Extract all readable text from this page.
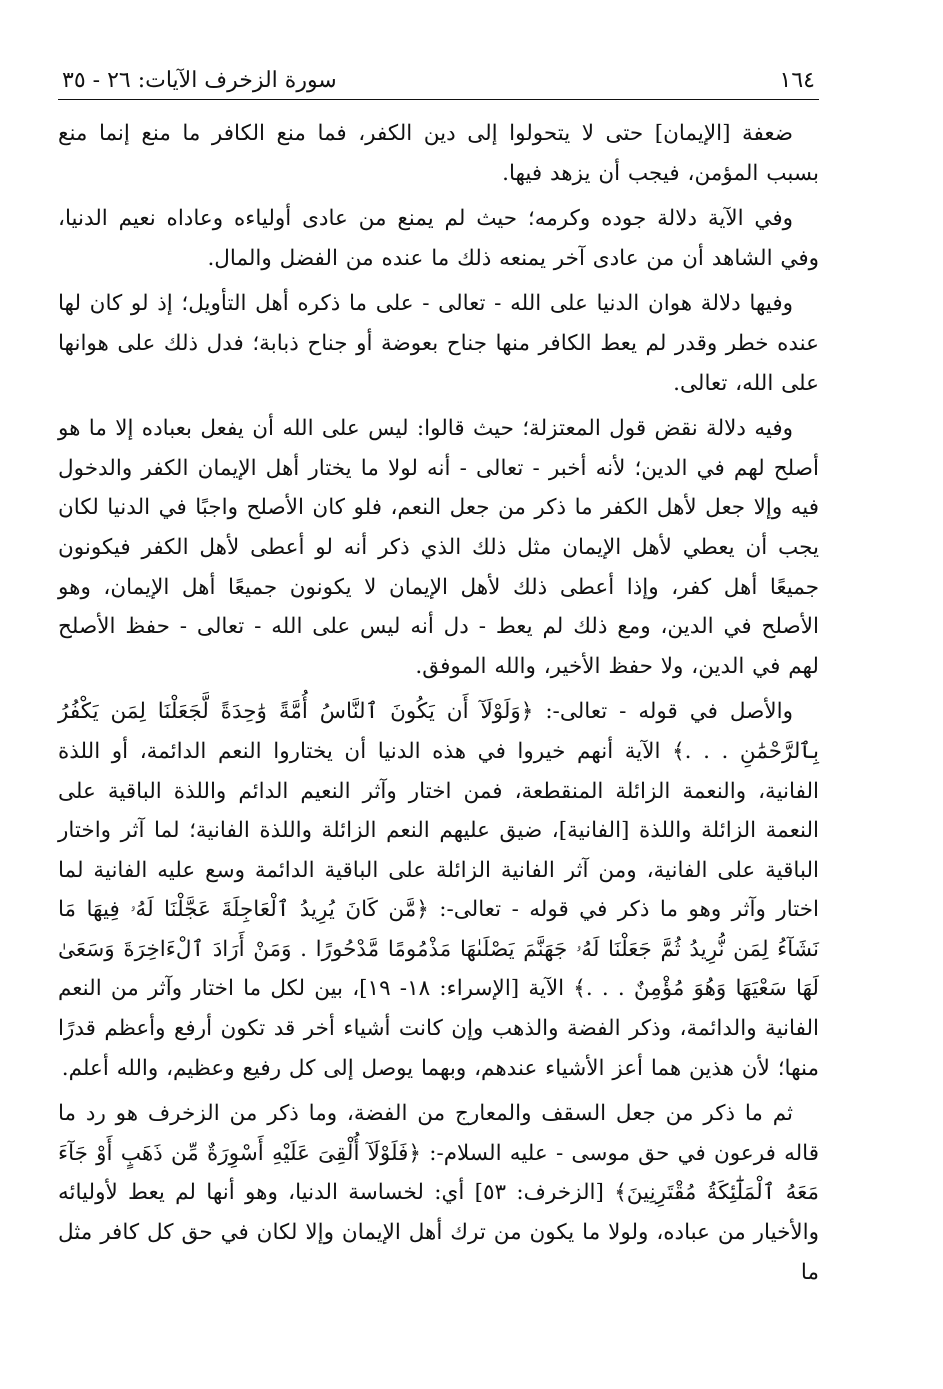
١٦٤
سورة الزخرف الآيات: ٢٦ - ٣٥

ضعفة [الإيمان] حتى لا يتحولوا إلى دين الكفر، فما منع الكافر ما منع إنما منع بسبب المؤمن، فيجب أن يزهد فيها.

وفي الآية دلالة جوده وكرمه؛ حيث لم يمنع من عادى أولياءه وعاداه نعيم الدنيا، وفي الشاهد أن من عادى آخر يمنعه ذلك ما عنده من الفضل والمال.

وفيها دلالة هوان الدنيا على الله - تعالى - على ما ذكره أهل التأويل؛ إذ لو كان لها عنده خطر وقدر لم يعط الكافر منها جناح بعوضة أو جناح ذبابة؛ فدل ذلك على هوانها على الله، تعالى.

وفيه دلالة نقض قول المعتزلة؛ حيث قالوا: ليس على الله أن يفعل بعباده إلا ما هو أصلح لهم في الدين؛ لأنه أخبر - تعالى - أنه لولا ما يختار أهل الإيمان الكفر والدخول فيه وإلا جعل لأهل الكفر ما ذكر من جعل النعم، فلو كان الأصلح واجبًا في الدنيا لكان يجب أن يعطي لأهل الإيمان مثل ذلك الذي ذكر أنه لو أعطى لأهل الكفر فيكونون جميعًا أهل كفر، وإذا أعطى ذلك لأهل الإيمان لا يكونون جميعًا أهل الإيمان، وهو الأصلح في الدين، ومع ذلك لم يعط - دل أنه ليس على الله - تعالى - حفظ الأصلح لهم في الدين، ولا حفظ الأخير، والله الموفق.

والأصل في قوله - تعالى-: ﴿وَلَوْلَآ أَن يَكُونَ ٱلنَّاسُ أُمَّةً وَٰحِدَةً لَّجَعَلْنَا لِمَن يَكْفُرُ بِٱلرَّحْمَٰنِ . . .﴾ الآية أنهم خيروا في هذه الدنيا أن يختاروا النعم الدائمة، أو اللذة الفانية، والنعمة الزائلة المنقطعة، فمن اختار وآثر النعيم الدائم واللذة الباقية على النعمة الزائلة واللذة [الفانية]، ضيق عليهم النعم الزائلة واللذة الفانية؛ لما آثر واختار الباقية على الفانية، ومن آثر الفانية الزائلة على الباقية الدائمة وسع عليه الفانية لما اختار وآثر وهو ما ذكر في قوله - تعالى-: ﴿مَّن كَانَ يُرِيدُ ٱلْعَاجِلَةَ عَجَّلْنَا لَهُۥ فِيهَا مَا نَشَآءُ لِمَن نُّرِيدُ ثُمَّ جَعَلْنَا لَهُۥ جَهَنَّمَ يَصْلَىٰهَا مَذْمُومًا مَّدْحُورًا . وَمَنْ أَرَادَ ٱلْءَاخِرَةَ وَسَعَىٰ لَهَا سَعْيَهَا وَهُوَ مُؤْمِنٌ . . .﴾ الآية [الإسراء: ١٨- ١٩]، بين لكل ما اختار وآثر من النعم الفانية والدائمة، وذكر الفضة والذهب وإن كانت أشياء أخر قد تكون أرفع وأعظم قدرًا منها؛ لأن هذين هما أعز الأشياء عندهم، وبهما يوصل إلى كل رفيع وعظيم، والله أعلم.

ثم ما ذكر من جعل السقف والمعارج من الفضة، وما ذكر من الزخرف هو رد ما قاله فرعون في حق موسى - عليه السلام-: ﴿فَلَوْلَآ أُلْقِىَ عَلَيْهِ أَسْوِرَةٌ مِّن ذَهَبٍ أَوْ جَآءَ مَعَهُ ٱلْمَلَٰٓئِكَةُ مُقْتَرِنِينَ﴾ [الزخرف: ٥٣] أي: لخساسة الدنيا، وهو أنها لم يعط لأوليائه والأخيار من عباده، ولولا ما يكون من ترك أهل الإيمان وإلا لكان في حق كل كافر مثل ما
